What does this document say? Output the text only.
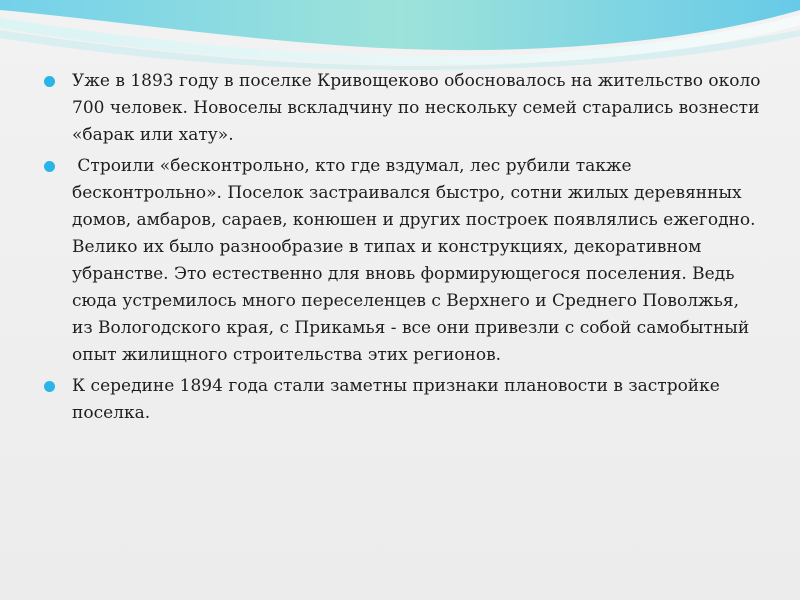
Уже в 1893 году в поселке Кривощеково обосновалось на жительство около 700 человек. Новоселы вскладчину по нескольку семей старались вознести «барак или хату».
Строили «бесконтрольно, кто где вздумал, лес рубили также бесконтрольно». Поселок застраивался быстро, сотни жилых деревянных домов, амбаров, сараев, конюшен и других построек появлялись ежегодно. Велико их было разнообразие в типах и конструкциях, декоративном убранстве. Это естественно для вновь формирующегося поселения. Ведь сюда устремилось много переселенцев с Верхнего и Среднего Поволжья, из Вологодского края, с Прикамья - все они привезли с собой самобытный опыт жилищного строительства этих регионов.
К середине 1894 года стали заметны признаки плановости в застройке поселка.
